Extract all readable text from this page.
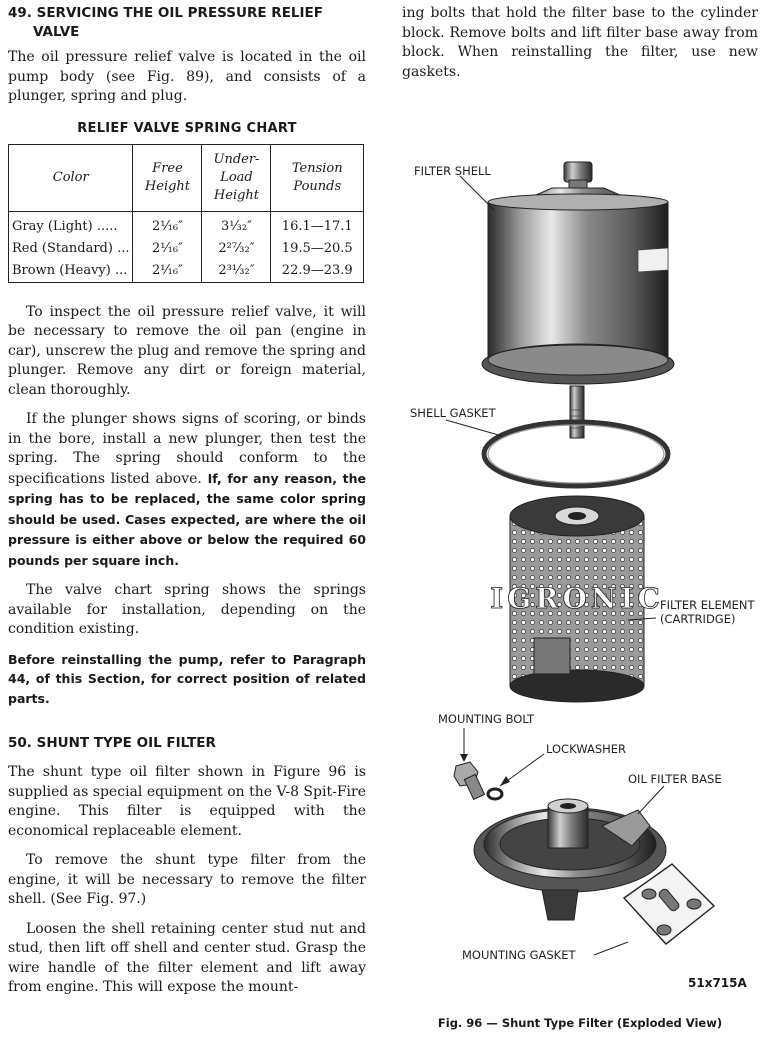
49. SERVICING THE OIL PRESSURE RELIEF
VALVE

The oil pressure relief valve is located in the oil pump body (see Fig. 89), and consists of a plunger, spring and plug.

RELIEF VALVE SPRING CHART
Color	Free Height	Under-Load Height	Tension Pounds
Gray (Light) .....	2¹⁄₁₆″	3¹⁄₃₂″	16.1—17.1
Red (Standard) ...	2¹⁄₁₆″	2²⁷⁄₃₂″	19.5—20.5
Brown (Heavy) ...	2¹⁄₁₆″	2³¹⁄₃₂″	22.9—23.9

To inspect the oil pressure relief valve, it will be necessary to remove the oil pan (engine in car), unscrew the plug and remove the spring and plunger. Remove any dirt or foreign material, clean thoroughly.

If the plunger shows signs of scoring, or binds in the bore, install a new plunger, then test the spring. The spring should conform to the specifications listed above. If, for any reason, the spring has to be replaced, the same color spring should be used. Cases expected, are where the oil pressure is either above or below the required 60 pounds per square inch.

The valve chart spring shows the springs available for installation, depending on the condition existing.

Before reinstalling the pump, refer to Paragraph 44, of this Section, for correct position of related parts.

50. SHUNT TYPE OIL FILTER

The shunt type oil filter shown in Figure 96 is supplied as special equipment on the V-8 Spit-Fire engine. This filter is equipped with the economical replaceable element.

To remove the shunt type filter from the engine, it will be necessary to remove the filter shell. (See Fig. 97.)

Loosen the shell retaining center stud nut and stud, then lift off shell and center stud. Grasp the wire handle of the filter element and lift away from engine. This will expose the mount-

ing bolts that hold the filter base to the cylinder block. Remove bolts and lift filter base away from block. When reinstalling the filter, use new gaskets.

IGRONIC
FILTER SHELL
SHELL GASKET
FILTER ELEMENT
(CARTRIDGE)
MOUNTING BOLT
LOCKWASHER
OIL FILTER BASE
MOUNTING GASKET
51x715A
Fig. 96 — Shunt Type Filter (Exploded View)
